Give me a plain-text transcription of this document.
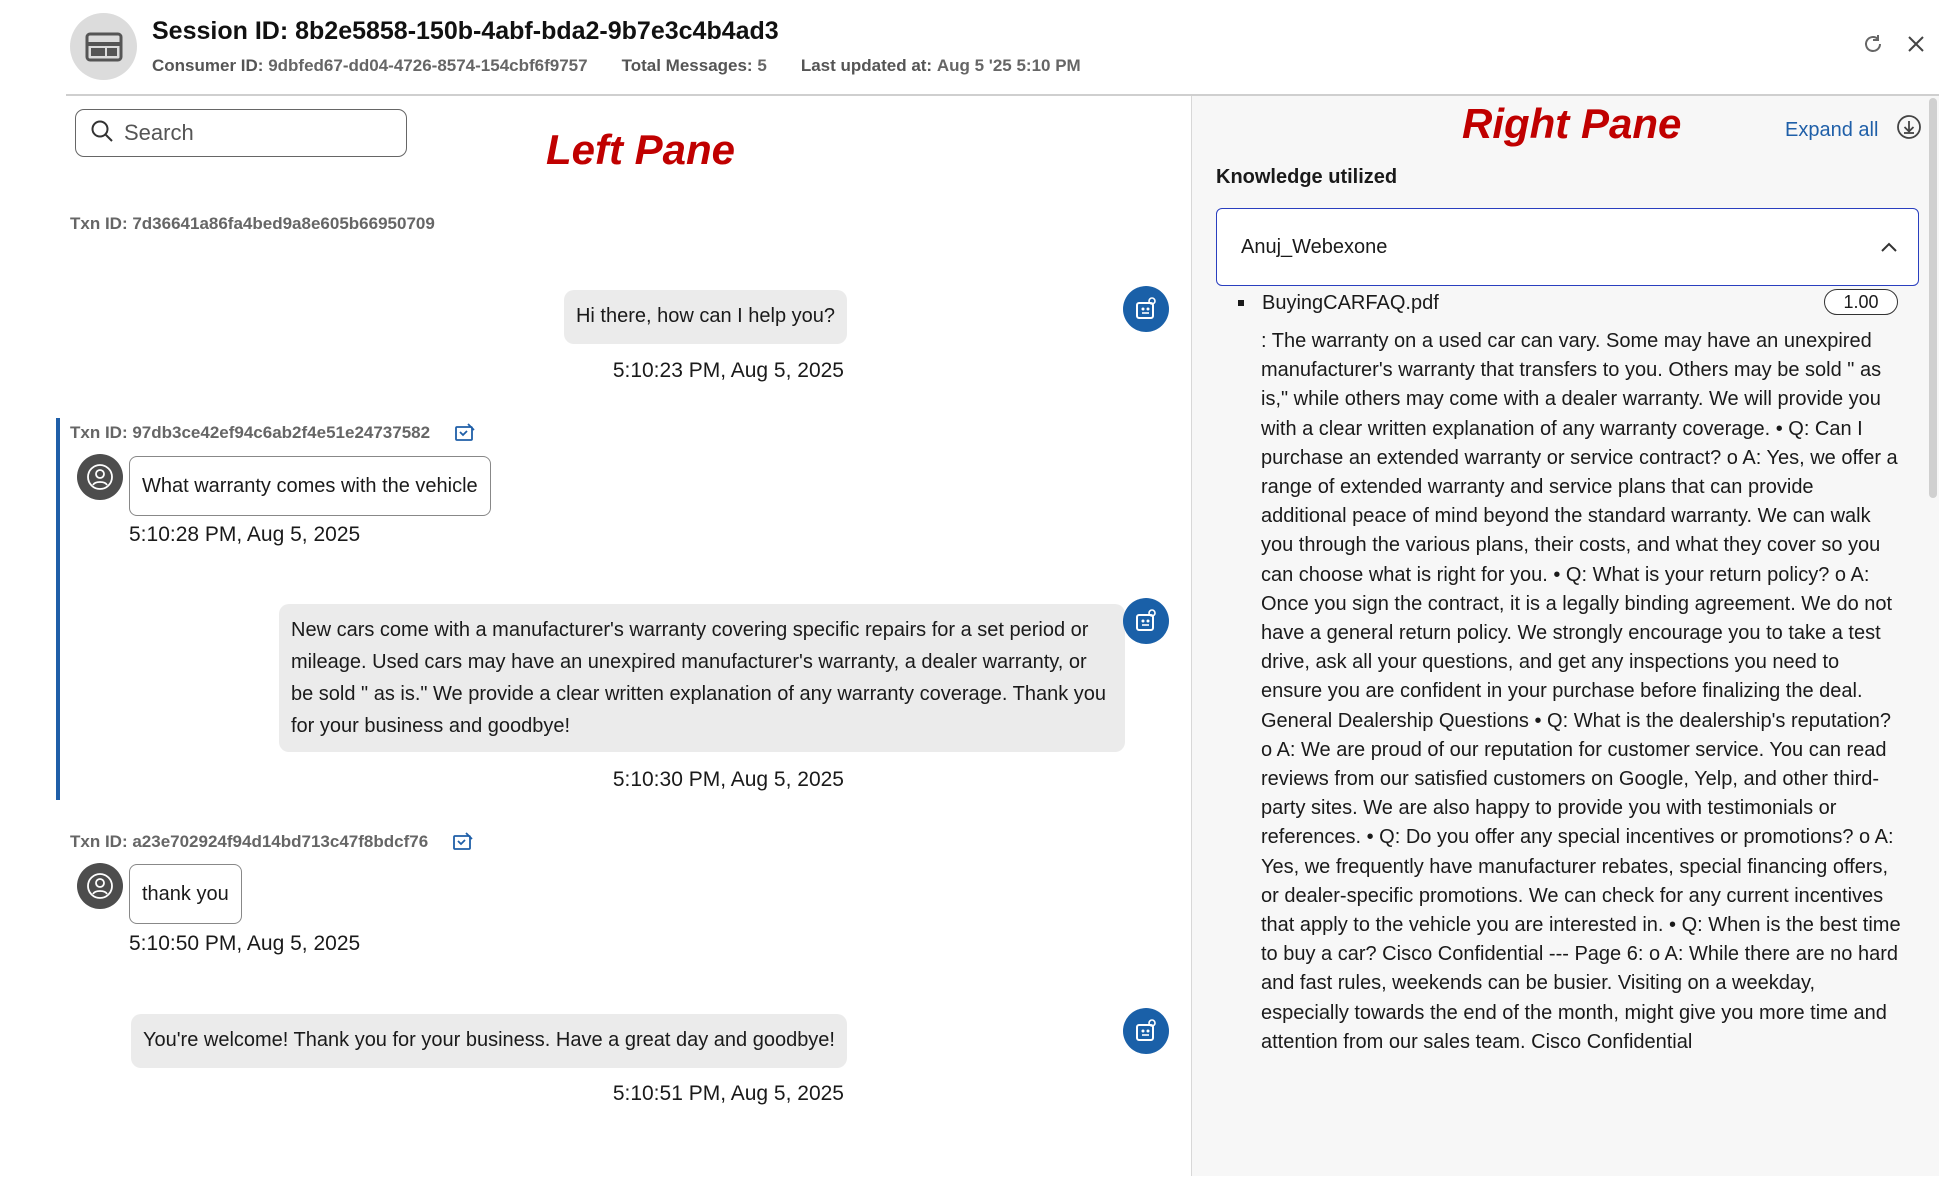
Session ID: 8b2e5858-150b-4abf-bda2-9b7e3c4b4ad3
Consumer ID: 9dbfed67-dd04-4726-8574-154cbf6f9757 Total Messages: 5 Last updated at: Aug 5 '25 5:10 PM
Search
Left Pane
Txn ID: 7d36641a86fa4bed9a8e605b66950709
Hi there, how can I help you?
5:10:23 PM, Aug 5, 2025
Txn ID: 97db3ce42ef94c6ab2f4e51e24737582
What warranty comes with the vehicle
5:10:28 PM, Aug 5, 2025
New cars come with a manufacturer's warranty covering specific repairs for a set period or mileage. Used cars may have an unexpired manufacturer's warranty, a dealer warranty, or be sold " as is." We provide a clear written explanation of any warranty coverage. Thank you for your business and goodbye!
5:10:30 PM, Aug 5, 2025
Txn ID: a23e702924f94d14bd713c47f8bdcf76
thank you
5:10:50 PM, Aug 5, 2025
You're welcome! Thank you for your business. Have a great day and goodbye!
5:10:51 PM, Aug 5, 2025
Right Pane	Expand all
Knowledge utilized
Anuj_Webexone
BuyingCARFAQ.pdf	1.00
: The warranty on a used car can vary. Some may have an unexpired manufacturer's warranty that transfers to you. Others may be sold " as is," while others may come with a dealer warranty. We will provide you with a clear written explanation of any warranty coverage. • Q: Can I purchase an extended warranty or service contract? o A: Yes, we offer a range of extended warranty and service plans that can provide additional peace of mind beyond the standard warranty. We can walk you through the various plans, their costs, and what they cover so you can choose what is right for you. • Q: What is your return policy? o A: Once you sign the contract, it is a legally binding agreement. We do not have a general return policy. We strongly encourage you to take a test drive, ask all your questions, and get any inspections you need to ensure you are confident in your purchase before finalizing the deal. General Dealership Questions • Q: What is the dealership's reputation? o A: We are proud of our reputation for customer service. You can read reviews from our satisfied customers on Google, Yelp, and other third-party sites. We are also happy to provide you with testimonials or references. • Q: Do you offer any special incentives or promotions? o A: Yes, we frequently have manufacturer rebates, special financing offers, or dealer-specific promotions. We can check for any current incentives that apply to the vehicle you are interested in. • Q: When is the best time to buy a car? Cisco Confidential --- Page 6: o A: While there are no hard and fast rules, weekends can be busier. Visiting on a weekday, especially towards the end of the month, might give you more time and attention from our sales team. Cisco Confidential
